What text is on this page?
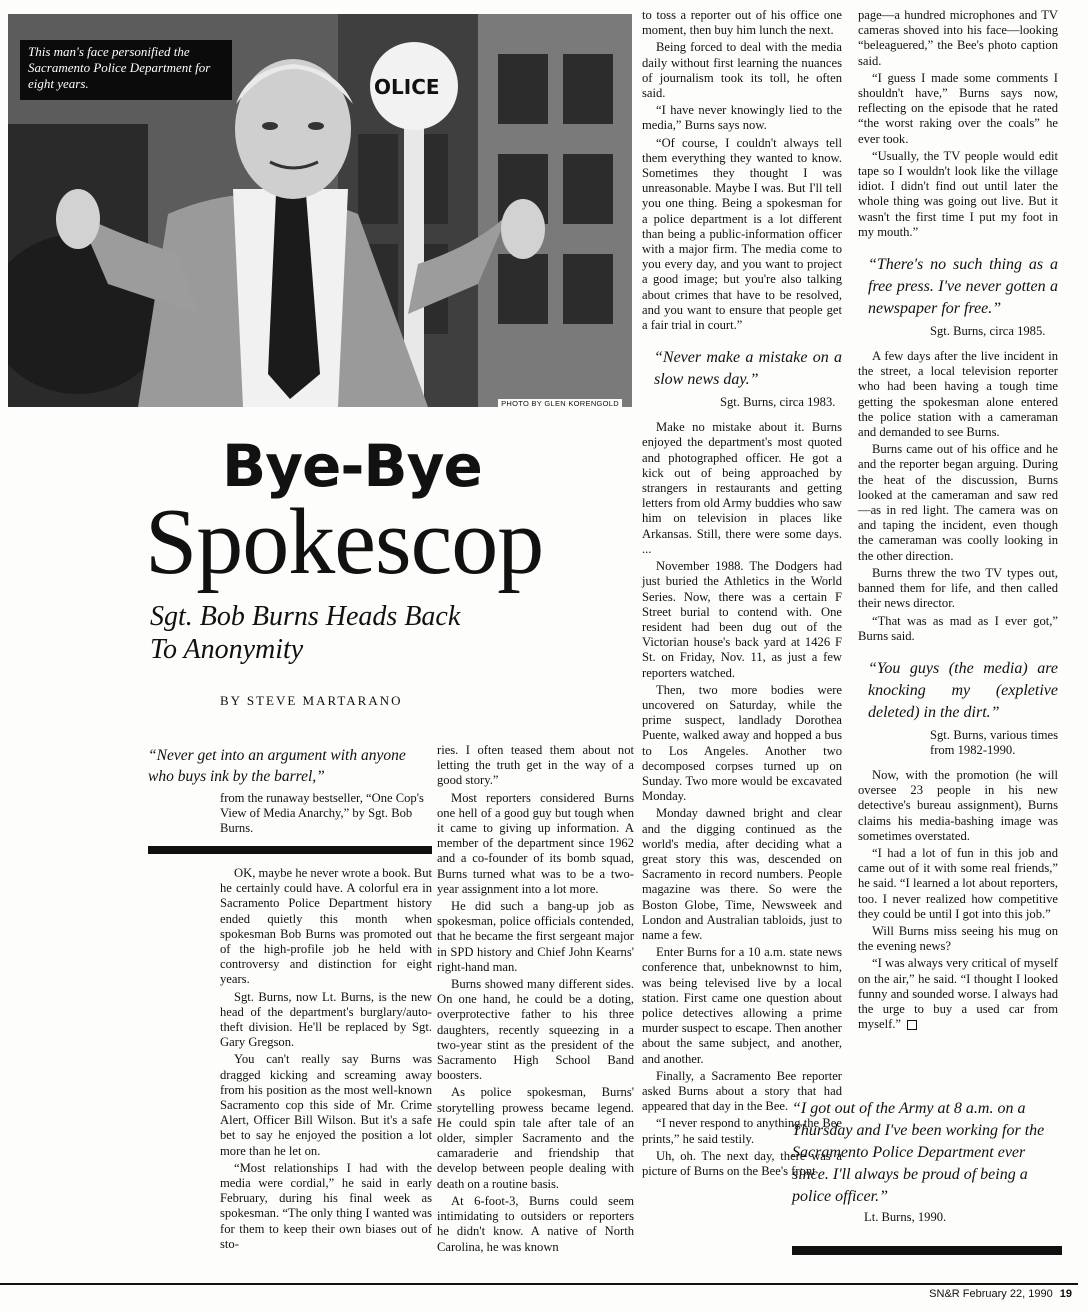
OLICE
This man's face personified the Sacramento Police Department for eight years.
PHOTO BY GLEN KORENGOLD
Bye-Bye
Spokescop
Sgt. Bob Burns Heads Back
To Anonymity
BY STEVE MARTARANO
“Never get into an argument with anyone who buys ink by the barrel,”
from the runaway bestseller, “One Cop's View of Media Anarchy,” by Sgt. Bob Burns.

OK, maybe he never wrote a book. But he certainly could have. A colorful era in Sacramento Police Department history ended quietly this month when spokesman Bob Burns was promoted out of the high-profile job he held with controversy and distinction for eight years.

Sgt. Burns, now Lt. Burns, is the new head of the department's burglary/auto-theft division. He'll be replaced by Sgt. Gary Gregson.

You can't really say Burns was dragged kicking and screaming away from his position as the most well-known Sacramento cop this side of Mr. Crime Alert, Officer Bill Wilson. But it's a safe bet to say he enjoyed the position a lot more than he let on.

“Most relationships I had with the media were cordial,” he said in early February, during his final week as spokesman. “The only thing I wanted was for them to keep their own biases out of sto-

ries. I often teased them about not letting the truth get in the way of a good story.”

Most reporters considered Burns one hell of a good guy but tough when it came to giving up information. A member of the department since 1962 and a co-founder of its bomb squad, Burns turned what was to be a two-year assignment into a lot more.

He did such a bang-up job as spokesman, police officials contended, that he became the first sergeant major in SPD history and Chief John Kearns' right-hand man.

Burns showed many different sides. On one hand, he could be a doting, overprotective father to his three daughters, recently squeezing in a two-year stint as the president of the Sacramento High School Band boosters.

As police spokesman, Burns' storytelling prowess became legend. He could spin tale after tale of an older, simpler Sacramento and the camaraderie and friendship that develop between people dealing with death on a routine basis.

At 6-foot-3, Burns could seem intimidating to outsiders or reporters he didn't know. A native of North Carolina, he was known

to toss a reporter out of his office one moment, then buy him lunch the next.

Being forced to deal with the media daily without first learning the nuances of journalism took its toll, he often said.

“I have never knowingly lied to the media,” Burns says now.

“Of course, I couldn't always tell them everything they wanted to know. Sometimes they thought I was unreasonable. Maybe I was. But I'll tell you one thing. Being a spokesman for a police department is a lot different than being a public-information officer with a major firm. The media come to you every day, and you want to project a good image; but you're also talking about crimes that have to be resolved, and you want to ensure that people get a fair trial in court.”

“Never make a mistake on a slow news day.”

Sgt. Burns, circa 1983.

Make no mistake about it. Burns enjoyed the department's most quoted and photographed officer. He got a kick out of being approached by strangers in restaurants and getting letters from old Army buddies who saw him on television in places like Arkansas. Still, there were some days. ...

November 1988. The Dodgers had just buried the Athletics in the World Series. Now, there was a certain F Street burial to contend with. One resident had been dug out of the Victorian house's back yard at 1426 F St. on Friday, Nov. 11, as just a few reporters watched.

Then, two more bodies were uncovered on Saturday, while the prime suspect, landlady Dorothea Puente, walked away and hopped a bus to Los Angeles. Another two decomposed corpses turned up on Sunday. Two more would be excavated Monday.

Monday dawned bright and clear and the digging continued as the world's media, after deciding what a great story this was, descended on Sacramento in record numbers. People magazine was there. So were the Boston Globe, Time, Newsweek and London and Australian tabloids, just to name a few.

Enter Burns for a 10 a.m. state news conference that, unbeknownst to him, was being televised live by a local station. First came one question about police detectives allowing a prime murder suspect to escape. Then another about the same subject, and another, and another.

Finally, a Sacramento Bee reporter asked Burns about a story that had appeared that day in the Bee.

“I never respond to anything the Bee prints,” he said testily.

Uh, oh. The next day, there was a picture of Burns on the Bee's front

page—a hundred microphones and TV cameras shoved into his face—looking “beleaguered,” the Bee's photo caption said.

“I guess I made some comments I shouldn't have,” Burns says now, reflecting on the episode that he rated “the worst raking over the coals” he ever took.

“Usually, the TV people would edit tape so I wouldn't look like the village idiot. I didn't find out until later the whole thing was going out live. But it wasn't the first time I put my foot in my mouth.”

“There's no such thing as a free press. I've never gotten a newspaper for free.”

Sgt. Burns, circa 1985.

A few days after the live incident in the street, a local television reporter who had been having a tough time getting the spokesman alone entered the police station with a cameraman and demanded to see Burns.

Burns came out of his office and he and the reporter began arguing. During the heat of the discussion, Burns looked at the cameraman and saw red—as in red light. The camera was on and taping the incident, even though the cameraman was coolly looking in the other direction.

Burns threw the two TV types out, banned them for life, and then called their news director.

“That was as mad as I ever got,” Burns said.

“You guys (the media) are knocking my (expletive deleted) in the dirt.”

Sgt. Burns, various times from 1982-1990.

Now, with the promotion (he will oversee 23 people in his new detective's bureau assignment), Burns claims his media-bashing image was sometimes overstated.

“I had a lot of fun in this job and came out of it with some real friends,” he said. “I learned a lot about reporters, too. I never realized how competitive they could be until I got into this job.”

Will Burns miss seeing his mug on the evening news?

“I was always very critical of myself on the air,” he said. “I thought I looked funny and sounded worse. I always had the urge to buy a used car from myself.”

“I got out of the Army at 8 a.m. on a Thursday and I've been working for the Sacramento Police Department ever since. I'll always be proud of being a police officer.”
Lt. Burns, 1990.
SN&R February 22, 1990 19
